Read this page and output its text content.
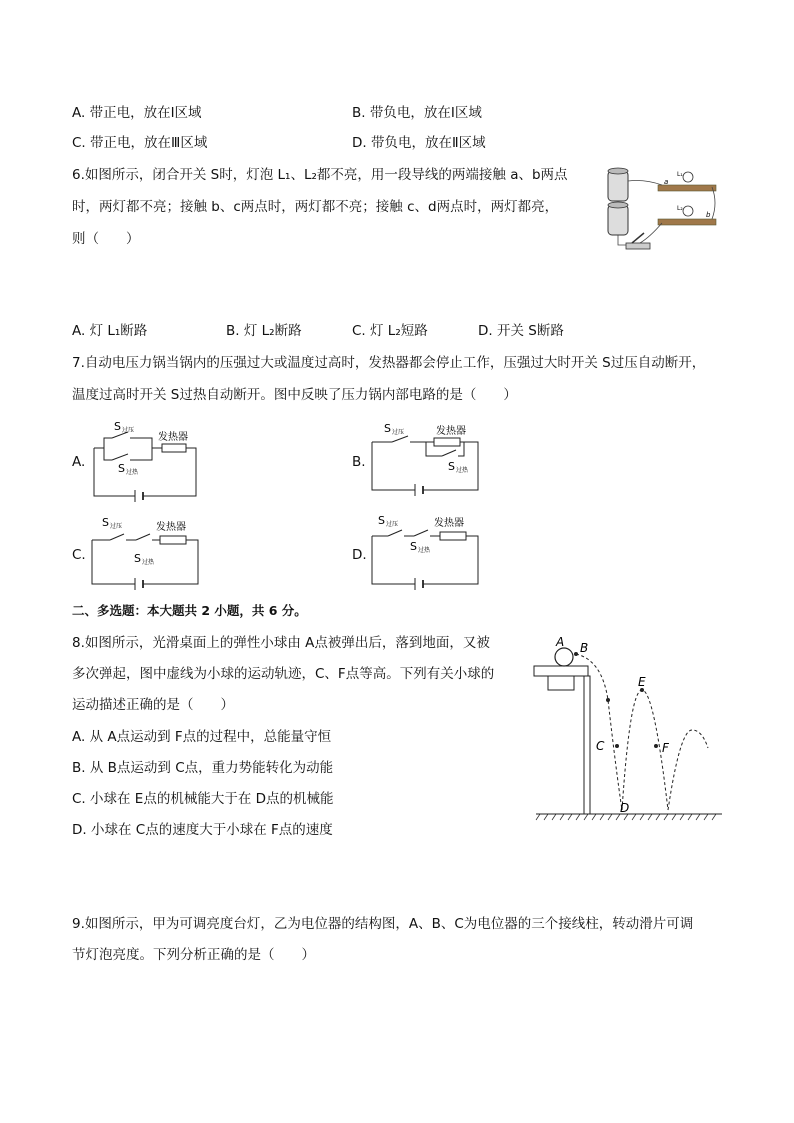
A. 带正电，放在Ⅰ区域	B. 带负电，放在Ⅰ区域
C. 带正电，放在Ⅲ区域	D. 带负电，放在Ⅱ区域
6.如图所示，闭合开关 S时，灯泡 L₁、L₂都不亮，用一段导线的两端接触 a、b两点
时，两灯都不亮；接触 b、c两点时，两灯都不亮；接触 c、d两点时，两灯都亮，
则（　　）
L₁
L₂
a
b
A. 灯 L₁断路	B. 灯 L₂断路	C. 灯 L₂短路	D. 开关 S断路
7.自动电压力锅当锅内的压强过大或温度过高时，发热器都会停止工作，压强过大时开关 S过压自动断开，
温度过高时开关 S过热自动断开。图中反映了压力锅内部电路的是（　　）
A.
发热器
S 过压
S 过热
B.
发热器
S 过压
S 过热
C.
发热器
S 过压
S 过热	D.
发热器
S 过压
S 过热
二、多选题：本大题共 2 小题，共 6 分。
8.如图所示，光滑桌面上的弹性小球由 A点被弹出后，落到地面，又被
多次弹起，图中虚线为小球的运动轨迹，C、F点等高。下列有关小球的
运动描述正确的是（　　）
A. 从 A点运动到 F点的过程中，总能量守恒
B. 从 B点运动到 C点，重力势能转化为动能
C. 小球在 E点的机械能大于在 D点的机械能
D. 小球在 C点的速度大于小球在 F点的速度
A B
C
D
E
F
9.如图所示，甲为可调亮度台灯，乙为电位器的结构图，A、B、C为电位器的三个接线柱，转动滑片可调
节灯泡亮度。下列分析正确的是（　　）
